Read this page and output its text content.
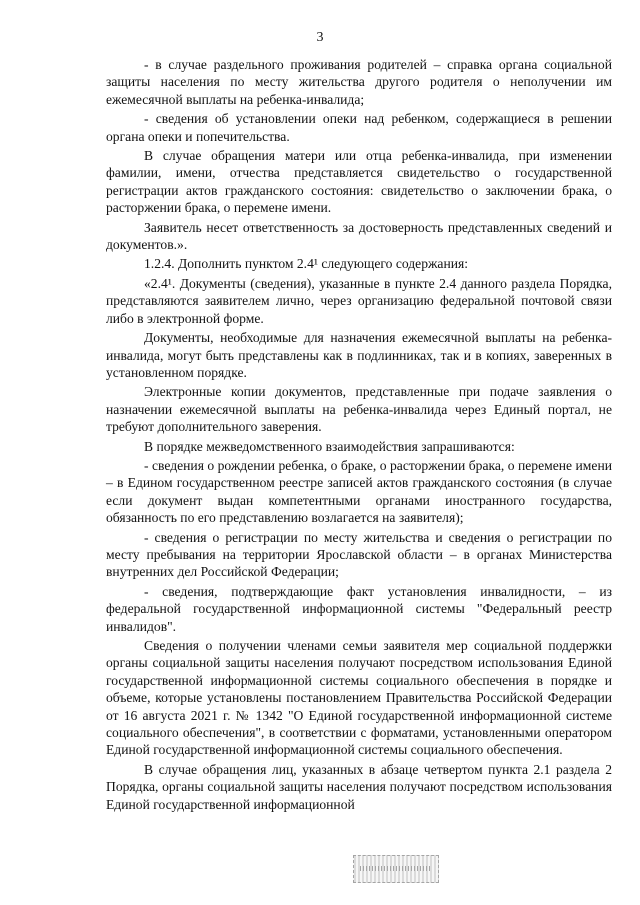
3

- в случае раздельного проживания родителей – справка органа социальной защиты населения по месту жительства другого родителя о неполучении им ежемесячной выплаты на ребенка-инвалида;

- сведения об установлении опеки над ребенком, содержащиеся в решении органа опеки и попечительства.

В случае обращения матери или отца ребенка-инвалида, при изменении фамилии, имени, отчества представляется свидетельство о государственной регистрации актов гражданского состояния: свидетельство о заключении брака, о расторжении брака, о перемене имени.

Заявитель несет ответственность за достоверность представленных сведений и документов.».

1.2.4. Дополнить пунктом 2.4¹ следующего содержания:

«2.4¹. Документы (сведения), указанные в пункте 2.4 данного раздела Порядка, представляются заявителем лично, через организацию федеральной почтовой связи либо в электронной форме.

Документы, необходимые для назначения ежемесячной выплаты на ребенка-инвалида, могут быть представлены как в подлинниках, так и в копиях, заверенных в установленном порядке.

Электронные копии документов, представленные при подаче заявления о назначении ежемесячной выплаты на ребенка-инвалида через Единый портал, не требуют дополнительного заверения.

В порядке межведомственного взаимодействия запрашиваются:

- сведения о рождении ребенка, о браке, о расторжении брака, о перемене имени – в Едином государственном реестре записей актов гражданского состояния (в случае если документ выдан компетентными органами иностранного государства, обязанность по его представлению возлагается на заявителя);

- сведения о регистрации по месту жительства и сведения о регистрации по месту пребывания на территории Ярославской области – в органах Министерства внутренних дел Российской Федерации;

- сведения, подтверждающие факт установления инвалидности, – из федеральной государственной информационной системы "Федеральный реестр инвалидов".

Сведения о получении членами семьи заявителя мер социальной поддержки органы социальной защиты населения получают посредством использования Единой государственной информационной системы социального обеспечения в порядке и объеме, которые установлены постановлением Правительства Российской Федерации от 16 августа 2021 г. № 1342 "О Единой государственной информационной системе социального обеспечения", в соответствии с форматами, установленными оператором Единой государственной информационной системы социального обеспечения.

В случае обращения лиц, указанных в абзаце четвертом пункта 2.1 раздела 2 Порядка, органы социальной защиты населения получают посредством использования Единой государственной информационной
